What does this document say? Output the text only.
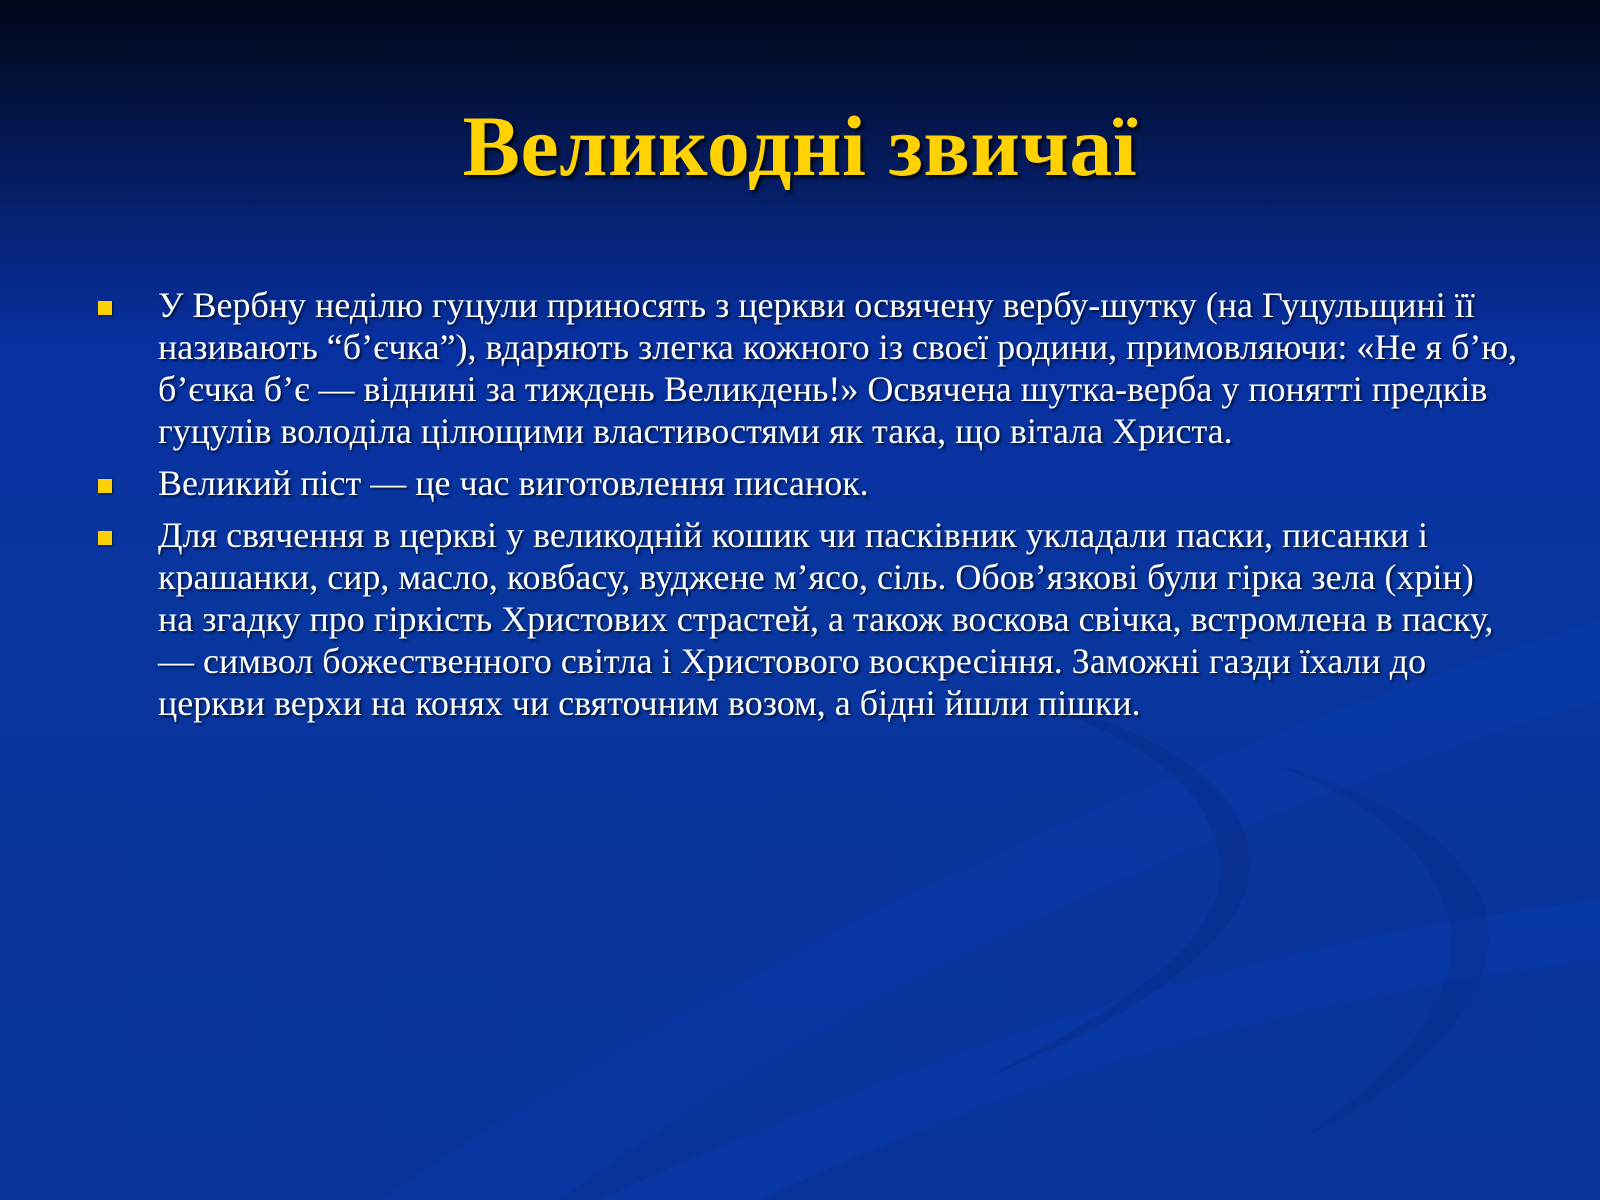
Великодні звичаї
У Вербну неділю гуцули приносять з церкви освячену вербу-шутку (на Гуцульщині її називають “б’єчка”), вдаряють злегка кожного із своєї родини, примовляючи: «Не я б’ю, б’єчка б’є — віднині за тиждень Великдень!» Освячена шутка-верба у понятті предків гуцулів володіла цілющими властивостями як така, що вітала Христа.
Великий піст — це час виготовлення писанок.
Для свячення в церкві у великодній кошик чи пасківник укладали паски, писанки і крашанки, сир, масло, ковбасу, вуджене м’ясо, сіль. Обов’язкові були гірка зела (хрін) на згадку про гіркість Христових страстей, а також воскова свічка, встромлена в паску, — символ божественного світла і Христового воскресіння. Заможні газди їхали до церкви верхи на конях чи святочним возом, а бідні йшли пішки.
